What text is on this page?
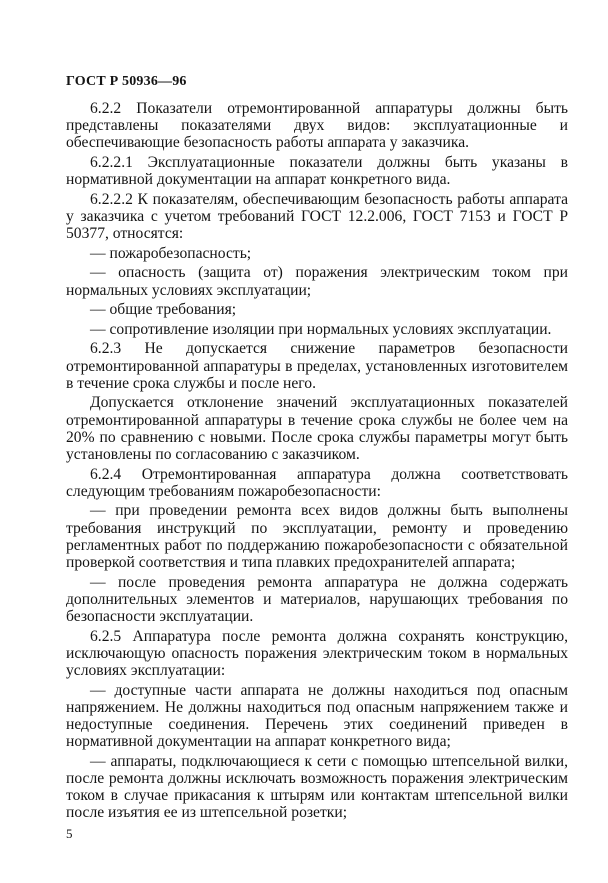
ГОСТ Р 50936—96

6.2.2 Показатели отремонтированной аппаратуры должны быть представлены показателями двух видов: эксплуатационные и обеспечивающие безопасность работы аппарата у заказчика.

6.2.2.1 Эксплуатационные показатели должны быть указаны в нормативной документации на аппарат конкретного вида.

6.2.2.2 К показателям, обеспечивающим безопасность работы аппарата у заказчика с учетом требований ГОСТ 12.2.006, ГОСТ 7153 и ГОСТ Р 50377, относятся:

— пожаробезопасность;

— опасность (защита от) поражения электрическим током при нормальных условиях эксплуатации;

— общие требования;

— сопротивление изоляции при нормальных условиях эксплуатации.

6.2.3 Не допускается снижение параметров безопасности отремонтированной аппаратуры в пределах, установленных изготовителем в течение срока службы и после него.

Допускается отклонение значений эксплуатационных показателей отремонтированной аппаратуры в течение срока службы не более чем на 20% по сравнению с новыми. После срока службы параметры могут быть установлены по согласованию с заказчиком.

6.2.4 Отремонтированная аппаратура должна соответствовать следующим требованиям пожаробезопасности:

— при проведении ремонта всех видов должны быть выполнены требования инструкций по эксплуатации, ремонту и проведению регламентных работ по поддержанию пожаробезопасности с обязательной проверкой соответствия и типа плавких предохранителей аппарата;

— после проведения ремонта аппаратура не должна содержать дополнительных элементов и материалов, нарушающих требования по безопасности эксплуатации.

6.2.5 Аппаратура после ремонта должна сохранять конструкцию, исключающую опасность поражения электрическим током в нормальных условиях эксплуатации:

— доступные части аппарата не должны находиться под опасным напряжением. Не должны находиться под опасным напряжением также и недоступные соединения. Перечень этих соединений приведен в нормативной документации на аппарат конкретного вида;

— аппараты, подключающиеся к сети с помощью штепсельной вилки, после ремонта должны исключать возможность поражения электрическим током в случае прикасания к штырям или контактам штепсельной вилки после изъятия ее из штепсельной розетки;

5
